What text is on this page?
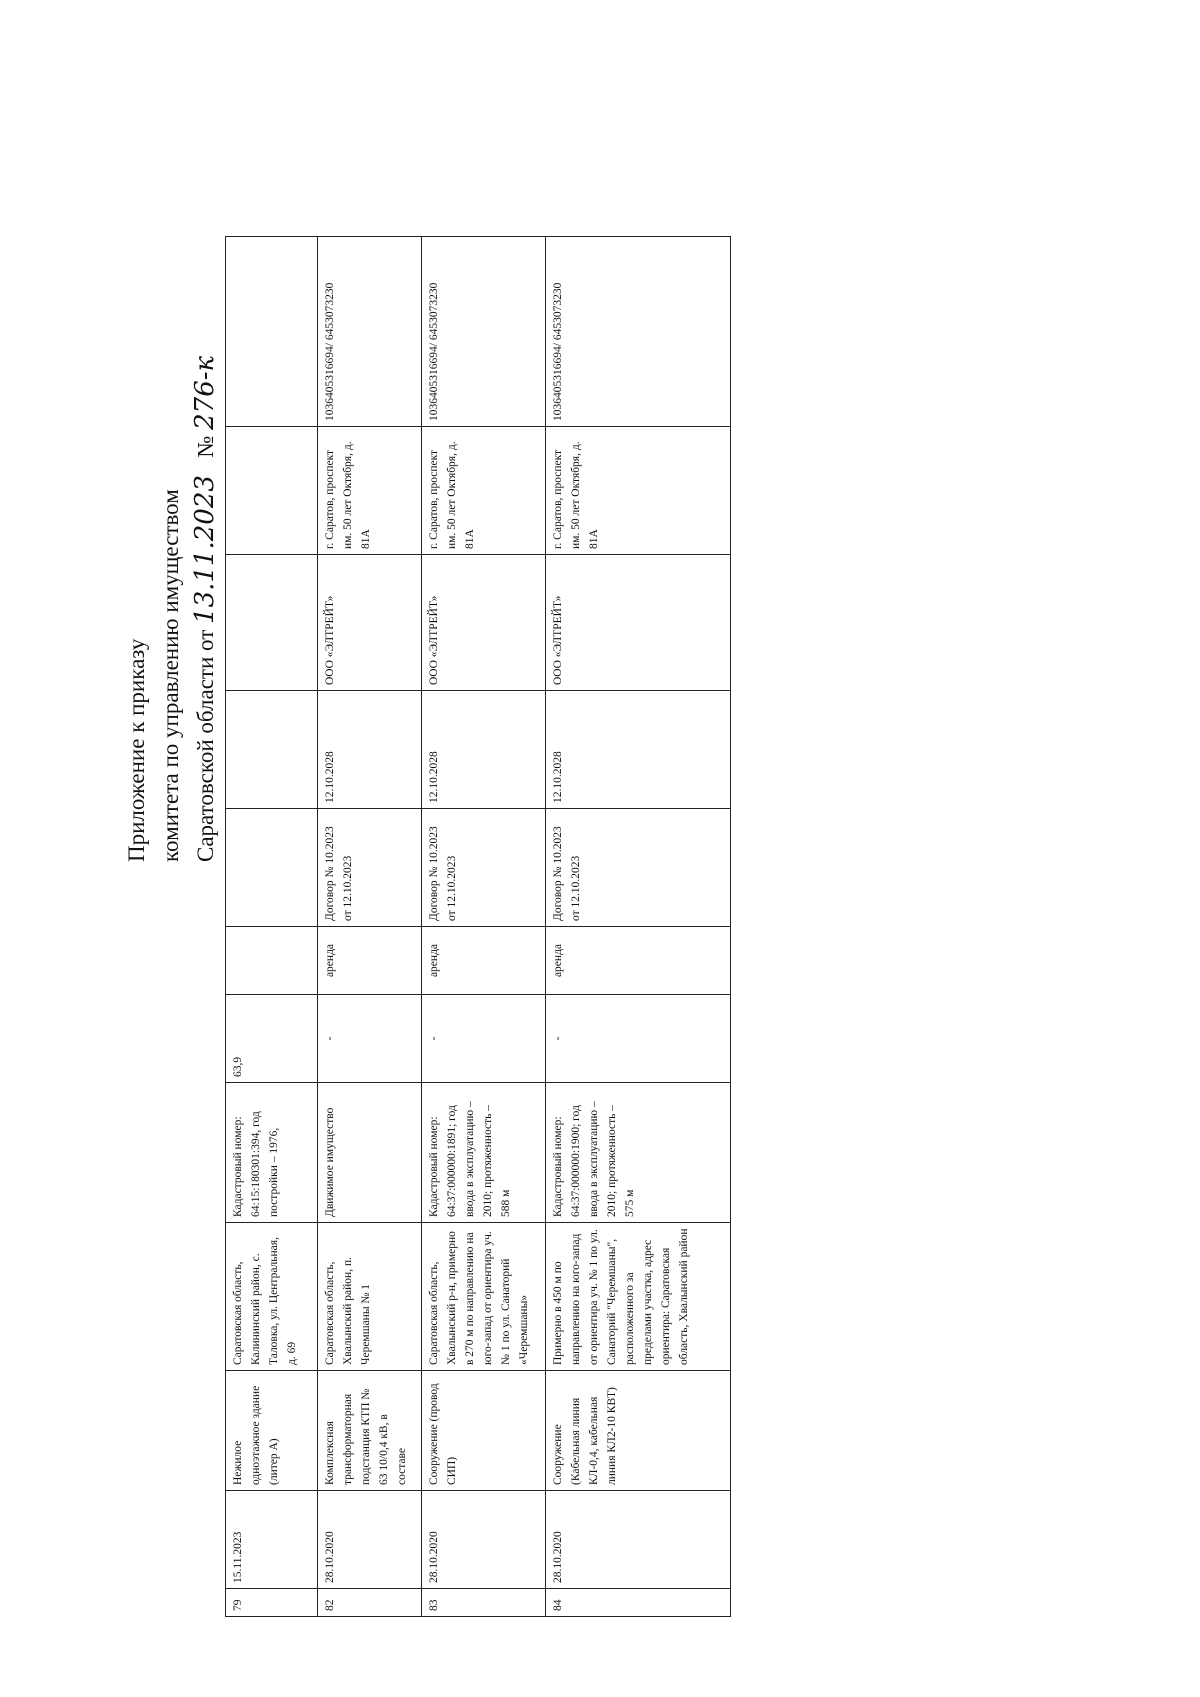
Приложение к приказу комитета по управлению имуществом Саратовской области от 13.11.2023  № 276-к
79	15.11.2023	Нежилое одноэтажное здание (литер А)	Саратовская область, Калининский район, с. Таловка, ул. Центральная, д. 69	Кадастровый номер: 64:15:180301:394, год постройки – 1976,	63,9						
82	28.10.2020	Комплексная трансформаторная подстанция КТП № 63 10/0,4 кВ, в составе	Саратовская область, Хвалынский район, п. Черемшаны № 1	Движимое имущество	-	аренда	Договор № 10.2023 от 12.10.2023	12.10.2028	ООО «ЭЛТРЕЙТ»	г. Саратов, проспект им. 50 лет Октября, д. 81А	1036405316694/ 6453073230
83	28.10.2020	Сооружение (провод СИП)	Саратовская область, Хвалынский р-н, примерно в 270 м по направлению на юго-запад от ориентира уч. № 1 по ул. Санаторий «Черемшаны»	Кадастровый номер: 64:37:000000:1891; год ввода в эксплуатацию – 2010; протяженность – 588 м	-	аренда	Договор № 10.2023 от 12.10.2023	12.10.2028	ООО «ЭЛТРЕЙТ»	г. Саратов, проспект им. 50 лет Октября, д. 81А	1036405316694/ 6453073230
84	28.10.2020	Сооружение (Кабельная линия КЛ-0,4, кабельная линия КЛ2-10 КВТ)	Примерно в 450 м по направлению на юго-запад от ориентира уч. № 1 по ул. Санаторий "Черемшаны", расположенного за пределами участка, адрес ориентира: Саратовская область, Хвалынский район	Кадастровый номер: 64:37:000000:1900; год ввода в эксплуатацию – 2010; протяженность – 575 м	-	аренда	Договор № 10.2023 от 12.10.2023	12.10.2028	ООО «ЭЛТРЕЙТ»	г. Саратов, проспект им. 50 лет Октября, д. 81А	1036405316694/ 6453073230
